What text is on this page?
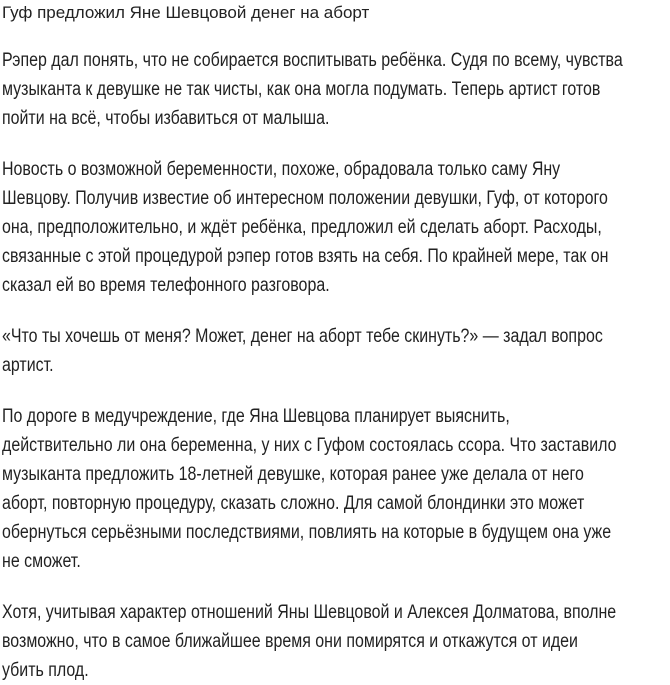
Гуф предложил Яне Шевцовой денег на аборт
Рэпер дал понять, что не собирается воспитывать ребёнка. Судя по всему, чувства
музыканта к девушке не так чисты, как она могла подумать. Теперь артист готов
пойти на всё, чтобы избавиться от малыша.
Новость о возможной беременности, похоже, обрадовала только саму Яну
Шевцову. Получив известие об интересном положении девушки, Гуф, от которого
она, предположительно, и ждёт ребёнка, предложил ей сделать аборт. Расходы,
связанные с этой процедурой рэпер готов взять на себя. По крайней мере, так он
сказал ей во время телефонного разговора.
«Что ты хочешь от меня? Может, денег на аборт тебе скинуть?» — задал вопрос
артист.
По дороге в медучреждение, где Яна Шевцова планирует выяснить,
действительно ли она беременна, у них с Гуфом состоялась ссора. Что заставило
музыканта предложить 18-летней девушке, которая ранее уже делала от него
аборт, повторную процедуру, сказать сложно. Для самой блондинки это может
обернуться серьёзными последствиями, повлиять на которые в будущем она уже
не сможет.
Хотя, учитывая характер отношений Яны Шевцовой и Алексея Долматова, вполне
возможно, что в самое ближайшее время они помирятся и откажутся от идеи
убить плод.
